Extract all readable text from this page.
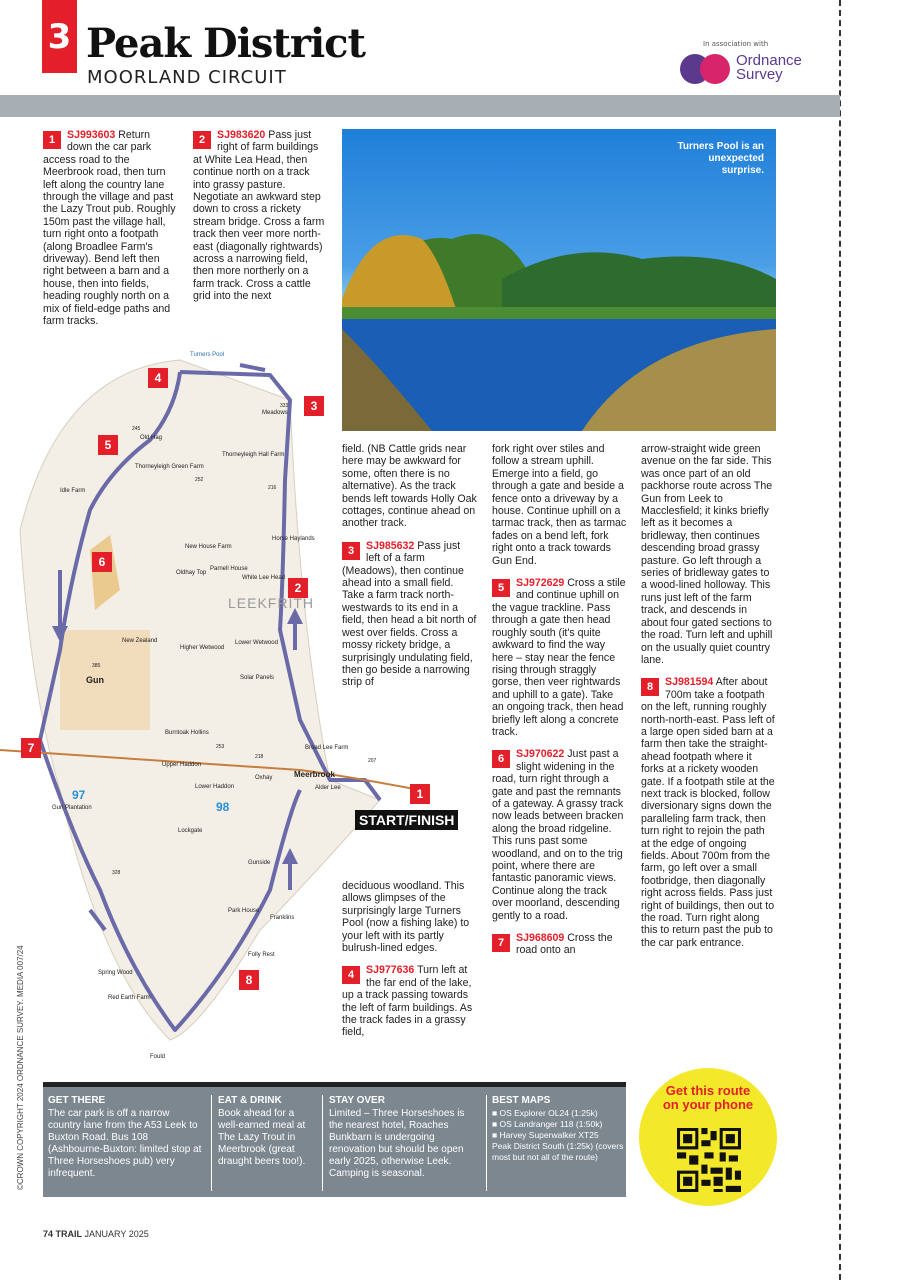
3 Peak District
MOORLAND CIRCUIT
In association with
Ordnance
Survey

1	SJ993603 Return down the car park access road to the Meerbrook road, then turn left along the country lane through the village and past the Lazy Trout pub. Roughly 150m past the village hall, turn right onto a footpath (along Broadlee Farm's driveway). Bend left then right between a barn and a house, then into fields, heading roughly north on a mix of field-edge paths and farm tracks.

2	SJ983620 Pass just right of farm buildings at White Lea Head, then continue north on a track into grassy pasture. Negotiate an awkward step down to cross a rickety stream bridge. Cross a farm track then veer more north-east (diagonally rightwards) across a narrowing field, then more northerly on a farm track. Cross a cattle grid into the next

Turners Pool is an unexpected surprise.
4
3
5
6
2
7
1
8
START/FINISH
97
98
Turners Pool
Meadows
Old Hag
Thorneyleigh Green Farm
Thorneyleigh Hall Farm
Idle Farm
New House Farm
Oldhay Top
Parnell House
White Lee Head
Horse Haylands
LEEKFRITH
New Zealand
Gun
Higher Wetwood
Lower Wetwood
Solar Panels
Burntoak Hollins
Upper Haddon
Lower Haddon
Oxhay
Broad Lee Farm
Meerbrook
Alder Lee
Gun Plantation
Lockgate
Gunside
Park House
Franklins
Folly Rest
Spring Wood
Red Earth Farm
Fould
333
385
328
253
216
245
252
218
207

field. (NB Cattle grids near here may be awkward for some, often there is no alternative). As the track bends left towards Holly Oak cottages, continue ahead on another track.

3	SJ985632 Pass just left of a farm (Meadows), then continue ahead into a small field. Take a farm track north-westwards to its end in a field, then head a bit north of west over fields. Cross a mossy rickety bridge, a surprisingly undulating field, then go beside a narrowing strip of

deciduous woodland. This allows glimpses of the surprisingly large Turners Pool (now a fishing lake) to your left with its partly bulrush-lined edges.

4	SJ977636 Turn left at the far end of the lake, up a track passing towards the left of farm buildings. As the track fades in a grassy field,

fork right over stiles and follow a stream uphill. Emerge into a field, go through a gate and beside a fence onto a driveway by a house. Continue uphill on a tarmac track, then as tarmac fades on a bend left, fork right onto a track towards Gun End.

5	SJ972629 Cross a stile and continue uphill on the vague trackline. Pass through a gate then head roughly south (it's quite awkward to find the way here – stay near the fence rising through straggly gorse, then veer rightwards and uphill to a gate). Take an ongoing track, then head briefly left along a concrete track.

6	SJ970622 Just past a slight widening in the road, turn right through a gate and past the remnants of a gateway. A grassy track now leads between bracken along the broad ridgeline. This runs past some woodland, and on to the trig point, where there are fantastic panoramic views. Continue along the track over moorland, descending gently to a road.

7	SJ968609 Cross the road onto an

arrow-straight wide green avenue on the far side. This was once part of an old packhorse route across The Gun from Leek to Macclesfield; it kinks briefly left as it becomes a bridleway, then continues descending broad grassy pasture. Go left through a series of bridleway gates to a wood-lined holloway. This runs just left of the farm track, and descends in about four gated sections to the road. Turn left and uphill on the usually quiet country lane.

8	SJ981594 After about 700m take a footpath on the left, running roughly north-north-east. Pass left of a large open sided barn at a farm then take the straight-ahead footpath where it forks at a rickety wooden gate. If a footpath stile at the next track is blocked, follow diversionary signs down the paralleling farm track, then turn right to rejoin the path at the edge of ongoing fields. About 700m from the farm, go left over a small footbridge, then diagonally right across fields. Pass just right of buildings, then out to the road. Turn right along this to return past the pub to the car park entrance.

GET THERE
The car park is off a narrow country lane from the A53 Leek to Buxton Road. Bus 108 (Ashbourne-Buxton: limited stop at Three Horseshoes pub) very infrequent.
EAT & DRINK
Book ahead for a well-earned meal at The Lazy Trout in Meerbrook (great draught beers too!).
STAY OVER
Limited – Three Horseshoes is the nearest hotel, Roaches Bunkbarn is undergoing renovation but should be open early 2025, otherwise Leek. Camping is seasonal.
BEST MAPS
■ OS Explorer OL24 (1:25k)
■ OS Landranger 118 (1:50k)
■ Harvey Superwalker XT25
Peak District South (1:25k) (covers most but not all of the route)
Get this route
on your phone
74 TRAIL JANUARY 2025
©CROWN COPYRIGHT 2024 ORDNANCE SURVEY. MEDIA 007/24
